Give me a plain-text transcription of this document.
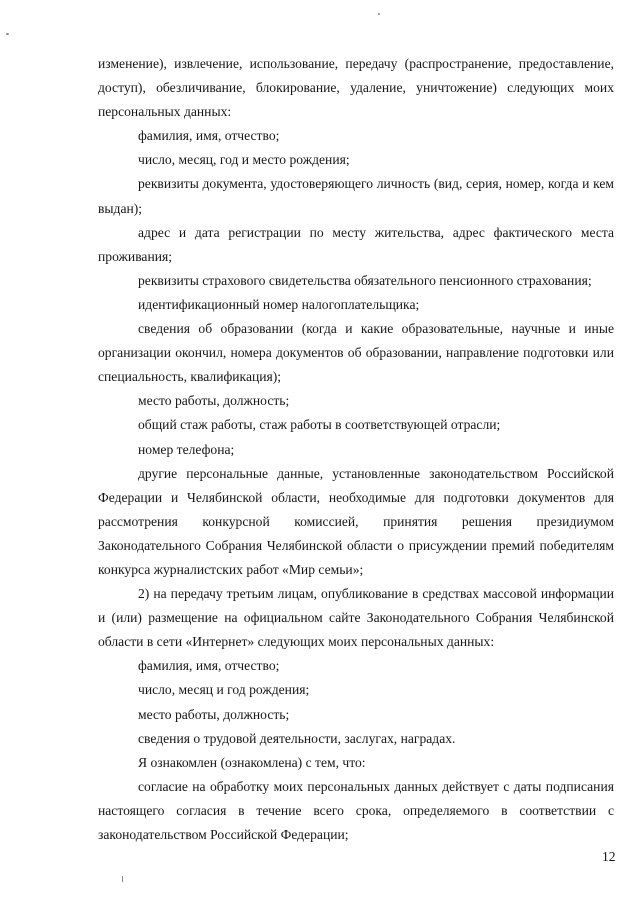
изменение), извлечение, использование, передачу (распространение, предоставление, доступ), обезличивание, блокирование, удаление, уничтожение) следующих моих персональных данных:

фамилия, имя, отчество;

число, месяц, год и место рождения;

реквизиты документа, удостоверяющего личность (вид, серия, номер, когда и кем выдан);

адрес и дата регистрации по месту жительства, адрес фактического места проживания;

реквизиты страхового свидетельства обязательного пенсионного страхования;

идентификационный номер налогоплательщика;

сведения об образовании (когда и какие образовательные, научные и иные организации окончил, номера документов об образовании, направление подготовки или специальность, квалификация);

место работы, должность;

общий стаж работы, стаж работы в соответствующей отрасли;

номер телефона;

другие персональные данные, установленные законодательством Российской Федерации и Челябинской области, необходимые для подготовки документов для рассмотрения конкурсной комиссией, принятия решения президиумом Законодательного Собрания Челябинской области о присуждении премий победителям конкурса журналистских работ «Мир семьи»;

2) на передачу третьим лицам, опубликование в средствах массовой информации и (или) размещение на официальном сайте Законодательного Собрания Челябинской области в сети «Интернет» следующих моих персональных данных:

фамилия, имя, отчество;

число, месяц и год рождения;

место работы, должность;

сведения о трудовой деятельности, заслугах, наградах.

Я ознакомлен (ознакомлена) с тем, что:

согласие на обработку моих персональных данных действует с даты подписания настоящего согласия в течение всего срока, определяемого в соответствии с законодательством Российской Федерации;

12
